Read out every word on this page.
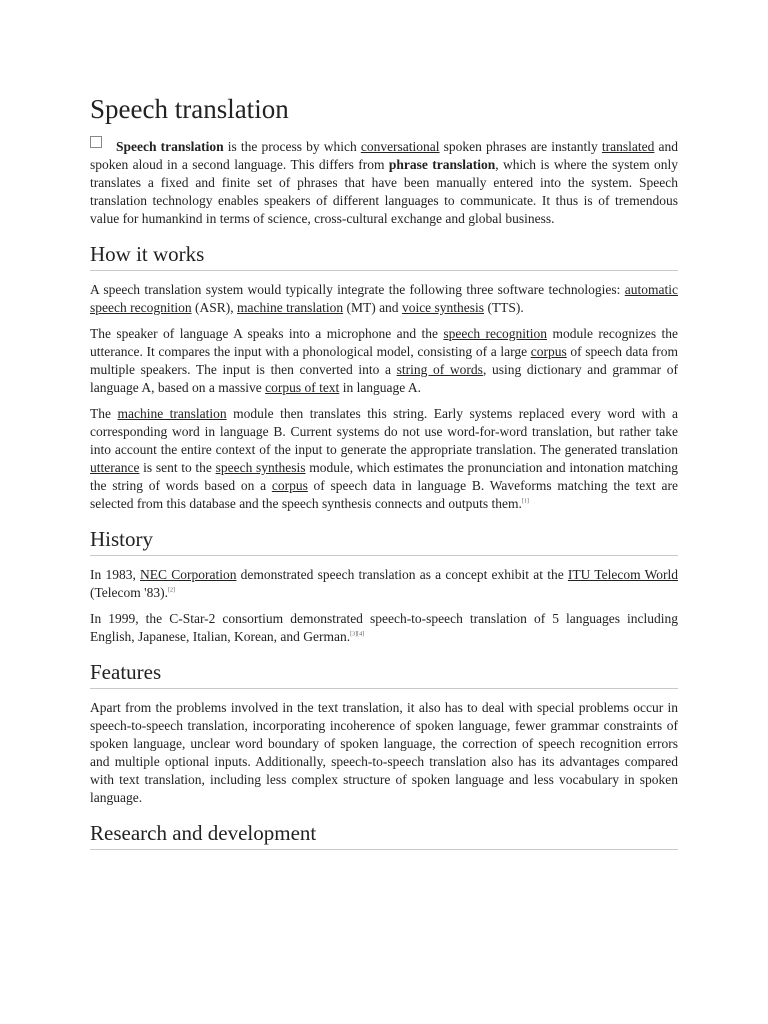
Speech translation

Speech translation is the process by which conversational spoken phrases are instantly translated and spoken aloud in a second language. This differs from phrase translation, which is where the system only translates a fixed and finite set of phrases that have been manually entered into the system. Speech translation technology enables speakers of different languages to communicate. It thus is of tremendous value for humankind in terms of science, cross-cultural exchange and global business.

How it works

A speech translation system would typically integrate the following three software technologies: automatic speech recognition (ASR), machine translation (MT) and voice synthesis (TTS).

The speaker of language A speaks into a microphone and the speech recognition module recognizes the utterance. It compares the input with a phonological model, consisting of a large corpus of speech data from multiple speakers. The input is then converted into a string of words, using dictionary and grammar of language A, based on a massive corpus of text in language A.

The machine translation module then translates this string. Early systems replaced every word with a corresponding word in language B. Current systems do not use word-for-word translation, but rather take into account the entire context of the input to generate the appropriate translation. The generated translation utterance is sent to the speech synthesis module, which estimates the pronunciation and intonation matching the string of words based on a corpus of speech data in language B. Waveforms matching the text are selected from this database and the speech synthesis connects and outputs them.[1]

History

In 1983, NEC Corporation demonstrated speech translation as a concept exhibit at the ITU Telecom World (Telecom '83).[2]

In 1999, the C-Star-2 consortium demonstrated speech-to-speech translation of 5 languages including English, Japanese, Italian, Korean, and German.[3][4]

Features

Apart from the problems involved in the text translation, it also has to deal with special problems occur in speech-to-speech translation, incorporating incoherence of spoken language, fewer grammar constraints of spoken language, unclear word boundary of spoken language, the correction of speech recognition errors and multiple optional inputs. Additionally, speech-to-speech translation also has its advantages compared with text translation, including less complex structure of spoken language and less vocabulary in spoken language.

Research and development
